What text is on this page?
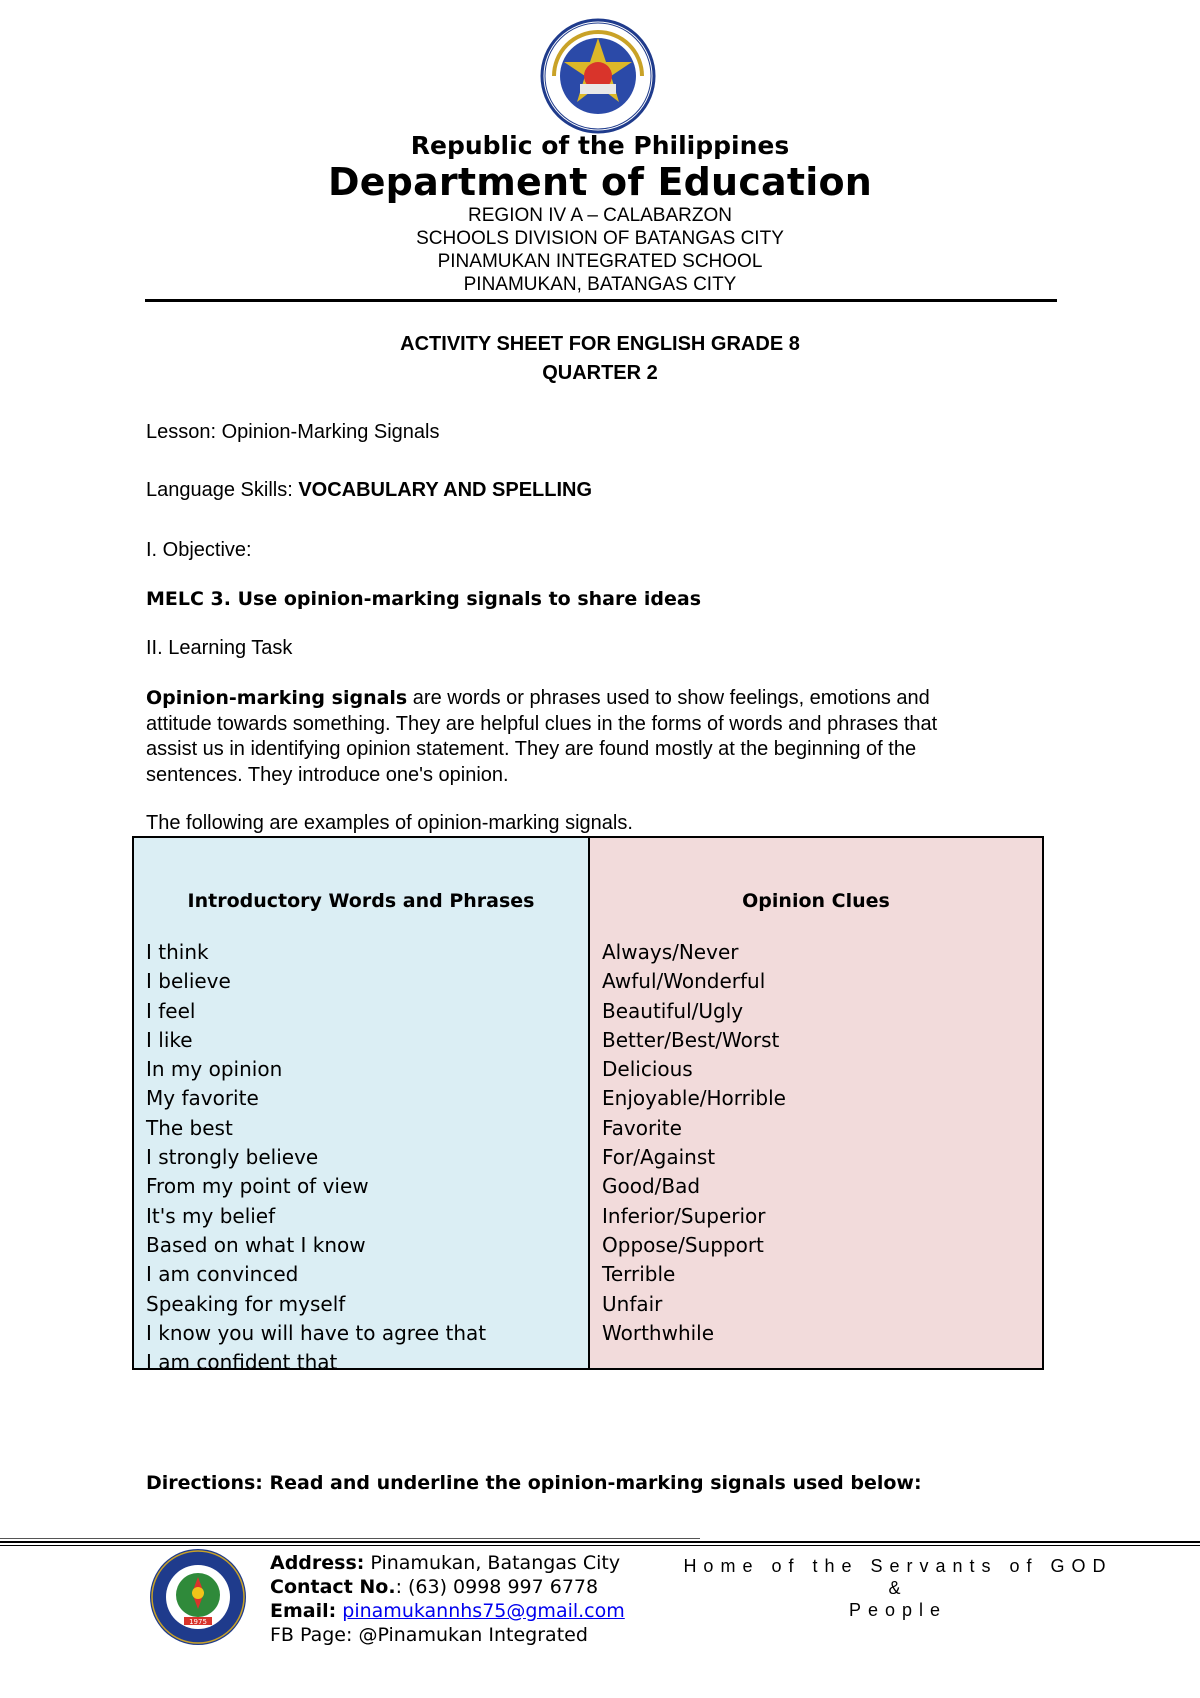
Republic of the Philippines
Department of Education
REGION IV A – CALABARZON
SCHOOLS DIVISION OF BATANGAS CITY
PINAMUKAN INTEGRATED SCHOOL
PINAMUKAN, BATANGAS CITY
ACTIVITY SHEET FOR ENGLISH GRADE 8
QUARTER 2
Lesson: Opinion-Marking Signals
Language Skills: VOCABULARY AND SPELLING
I. Objective:
MELC 3. Use opinion-marking signals to share ideas
II. Learning Task
Opinion-marking signals are words or phrases used to show feelings, emotions and
attitude towards something. They are helpful clues in the forms of words and phrases that
assist us in identifying opinion statement. They are found mostly at the beginning of the
sentences. They introduce one's opinion.
The following are examples of opinion-marking signals.
Introductory Words and Phrases
I think
I believe
I feel
I like
In my opinion
My favorite
The best
I strongly believe
From my point of view
It's my belief
Based on what I know
I am convinced
Speaking for myself
I know you will have to agree that
I am confident that
Opinion Clues
Always/Never
Awful/Wonderful
Beautiful/Ugly
Better/Best/Worst
Delicious
Enjoyable/Horrible
Favorite
For/Against
Good/Bad
Inferior/Superior
Oppose/Support
Terrible
Unfair
Worthwhile
Directions: Read and underline the opinion-marking signals used below:
1975
Address: Pinamukan, Batangas City
Contact No.: (63) 0998 997 6778
Email: pinamukannhs75@gmail.com
FB Page: @Pinamukan Integrated
Home of the Servants of GOD &
People
